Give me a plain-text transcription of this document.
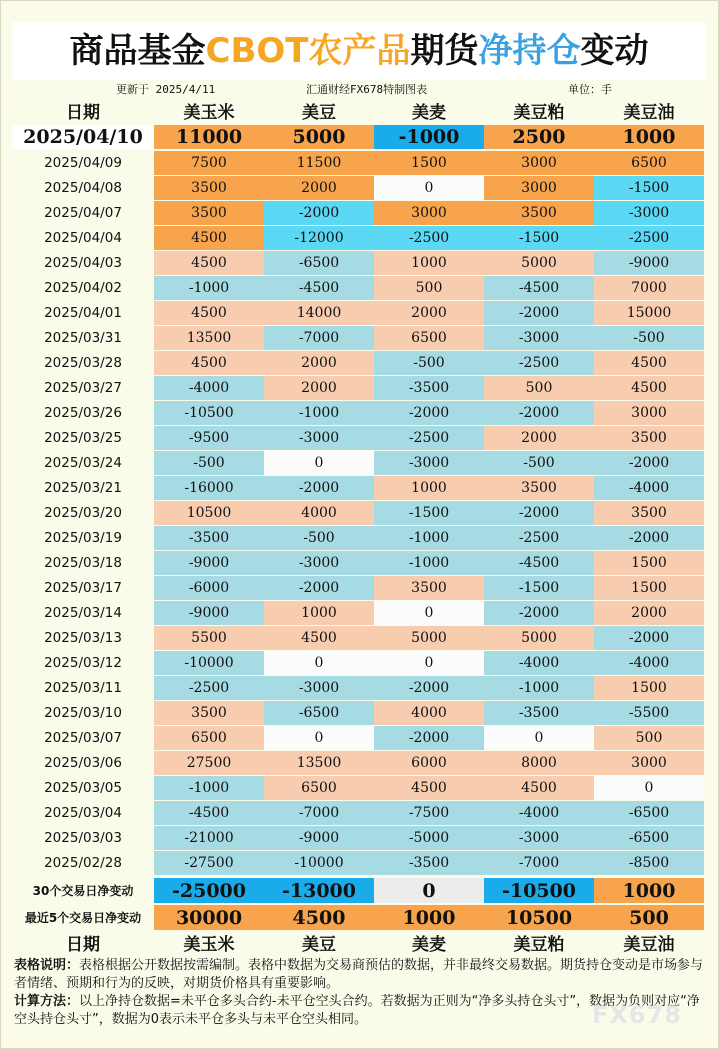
商品基金CBOT农产品期货净持仓变动
更新于 2025/4/11	汇通财经FX678特制图表	单位：手
日期	美玉米	美豆	美麦	美豆粕	美豆油
2025/04/10	11000	5000	-1000	2500	1000
2025/04/09	7500	11500	1500	3000	6500
2025/04/08	3500	2000	0	3000	-1500
2025/04/07	3500	-2000	3000	3500	-3000
2025/04/04	4500	-12000	-2500	-1500	-2500
2025/04/03	4500	-6500	1000	5000	-9000
2025/04/02	-1000	-4500	500	-4500	7000
2025/04/01	4500	14000	2000	-2000	15000
2025/03/31	13500	-7000	6500	-3000	-500
2025/03/28	4500	2000	-500	-2500	4500
2025/03/27	-4000	2000	-3500	500	4500
2025/03/26	-10500	-1000	-2000	-2000	3000
2025/03/25	-9500	-3000	-2500	2000	3500
2025/03/24	-500	0	-3000	-500	-2000
2025/03/21	-16000	-2000	1000	3500	-4000
2025/03/20	10500	4000	-1500	-2000	3500
2025/03/19	-3500	-500	-1000	-2500	-2000
2025/03/18	-9000	-3000	-1000	-4500	1500
2025/03/17	-6000	-2000	3500	-1500	1500
2025/03/14	-9000	1000	0	-2000	2000
2025/03/13	5500	4500	5000	5000	-2000
2025/03/12	-10000	0	0	-4000	-4000
2025/03/11	-2500	-3000	-2000	-1000	1500
2025/03/10	3500	-6500	4000	-3500	-5500
2025/03/07	6500	0	-2000	0	500
2025/03/06	27500	13500	6000	8000	3000
2025/03/05	-1000	6500	4500	4500	0
2025/03/04	-4500	-7000	-7500	-4000	-6500
2025/03/03	-21000	-9000	-5000	-3000	-6500
2025/02/28	-27500	-10000	-3500	-7000	-8500
30个交易日净变动	-25000	-13000	0	-10500	1000
最近5个交易日净变动	30000	4500	1000	10500	500
日期	美玉米	美豆	美麦	美豆粕	美豆油
表格说明：表格根据公开数据按需编制。表格中数据为交易商预估的数据，并非最终交易数据。期货持仓变动是市场参与者情绪、预期和行为的反映，对期货价格具有重要影响。
计算方法：以上净持仓数据=未平仓多头合约-未平仓空头合约。若数据为正则为“净多头持仓头寸”，数据为负则对应“净空头持仓头寸”，数据为0表示未平仓多头与未平仓空头相同。	FX678
